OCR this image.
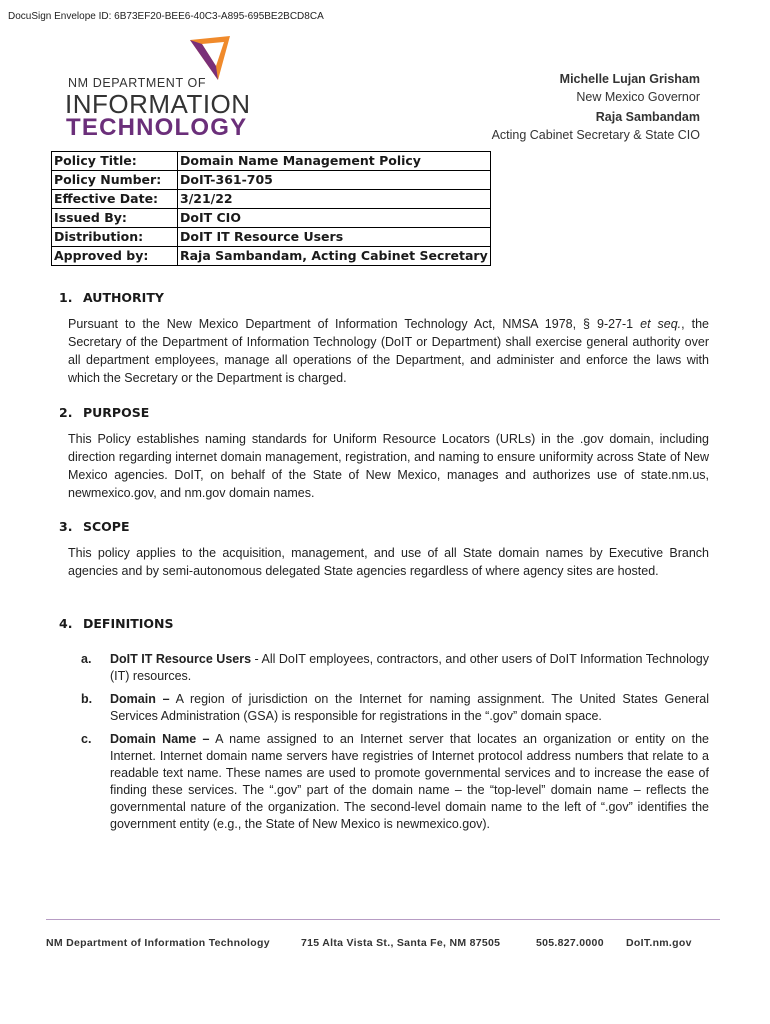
DocuSign Envelope ID: 6B73EF20-BEE6-40C3-A895-695BE2BCD8CA
NM DEPARTMENT OF
INFORMATION
TECHNOLOGY
Michelle Lujan Grisham
New Mexico Governor
Raja Sambandam
Acting Cabinet Secretary & State CIO
Policy Title:	Domain Name Management Policy
Policy Number:	DoIT-361-705
Effective Date:	3/21/22
Issued By:	DoIT CIO
Distribution:	DoIT IT Resource Users
Approved by:	Raja Sambandam, Acting Cabinet Secretary
1. AUTHORITY

Pursuant to the New Mexico Department of Information Technology Act, NMSA 1978, § 9-27-1 et seq., the Secretary of the Department of Information Technology (DoIT or Department) shall exercise general authority over all department employees, manage all operations of the Department, and administer and enforce the laws with which the Secretary or the Department is charged.

2. PURPOSE

This Policy establishes naming standards for Uniform Resource Locators (URLs) in the .gov domain, including direction regarding internet domain management, registration, and naming to ensure uniformity across State of New Mexico agencies. DoIT, on behalf of the State of New Mexico, manages and authorizes use of state.nm.us, newmexico.gov, and nm.gov domain names.

3. SCOPE

This policy applies to the acquisition, management, and use of all State domain names by Executive Branch agencies and by semi-autonomous delegated State agencies regardless of where agency sites are hosted.

4. DEFINITIONS
a. DoIT IT Resource Users - All DoIT employees, contractors, and other users of DoIT Information Technology (IT) resources.
b. Domain – A region of jurisdiction on the Internet for naming assignment. The United States General Services Administration (GSA) is responsible for registrations in the “.gov” domain space.
c. Domain Name – A name assigned to an Internet server that locates an organization or entity on the Internet. Internet domain name servers have registries of Internet protocol address numbers that relate to a readable text name. These names are used to promote governmental services and to increase the ease of finding these services. The “.gov” part of the domain name – the “top-level” domain name – reflects the governmental nature of the organization. The second-level domain name to the left of “.gov” identifies the government entity (e.g., the State of New Mexico is newmexico.gov).
NM Department of Information Technology	715 Alta Vista St., Santa Fe, NM 87505	505.827.0000 DoIT.nm.gov
